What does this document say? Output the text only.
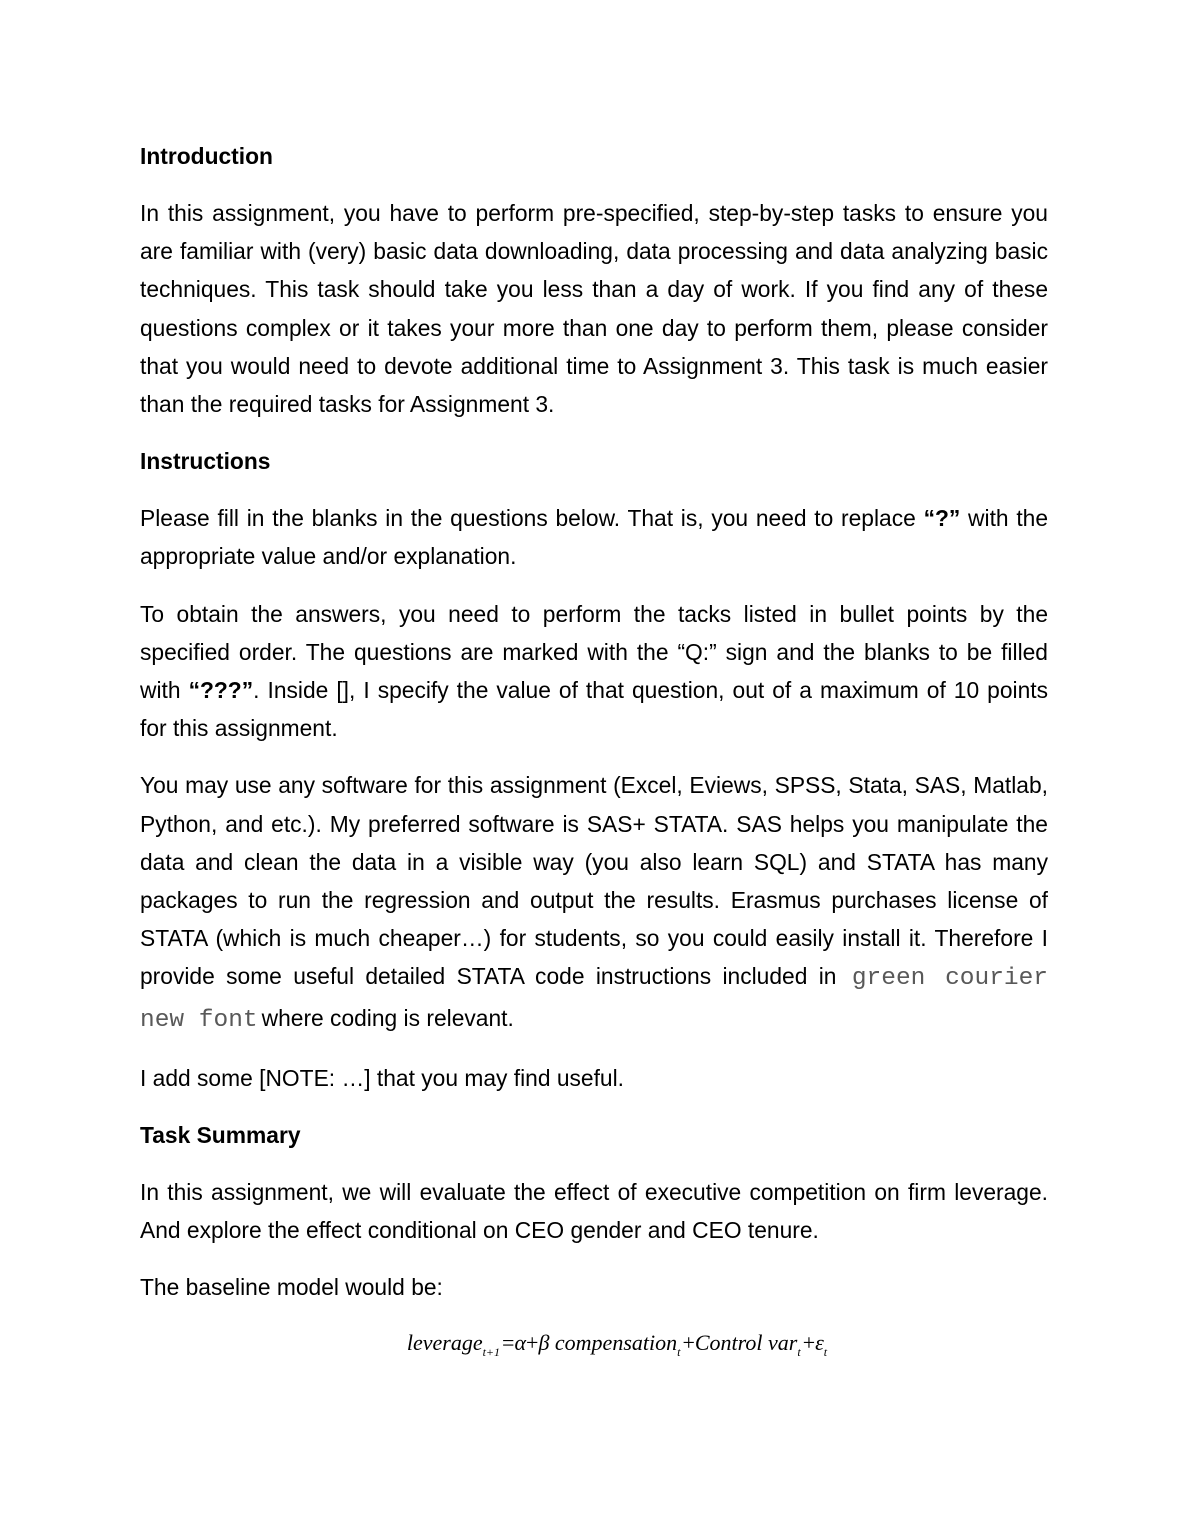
Introduction
In this assignment, you have to perform pre-specified, step-by-step tasks to ensure you are familiar with (very) basic data downloading, data processing and data analyzing basic techniques. This task should take you less than a day of work. If you find any of these questions complex or it takes your more than one day to perform them, please consider that you would need to devote additional time to Assignment 3. This task is much easier than the required tasks for Assignment 3.
Instructions
Please fill in the blanks in the questions below. That is, you need to replace “?” with the appropriate value and/or explanation.
To obtain the answers, you need to perform the tacks listed in bullet points by the specified order. The questions are marked with the “Q:” sign and the blanks to be filled with “???”. Inside [], I specify the value of that question, out of a maximum of 10 points for this assignment.
You may use any software for this assignment (Excel, Eviews, SPSS, Stata, SAS, Matlab, Python, and etc.). My preferred software is SAS+ STATA. SAS helps you manipulate the data and clean the data in a visible way (you also learn SQL) and STATA has many packages to run the regression and output the results. Erasmus purchases license of STATA (which is much cheaper…) for students, so you could easily install it. Therefore I provide some useful detailed STATA code instructions included in green courier new font where coding is relevant.
I add some [NOTE: …] that you may find useful.
Task Summary
In this assignment, we will evaluate the effect of executive competition on firm leverage. And explore the effect conditional on CEO gender and CEO tenure.
The baseline model would be:
leverage$_{t+1}$=α+β compensation$_t$+Control $var_t+\varepsilon_t$
